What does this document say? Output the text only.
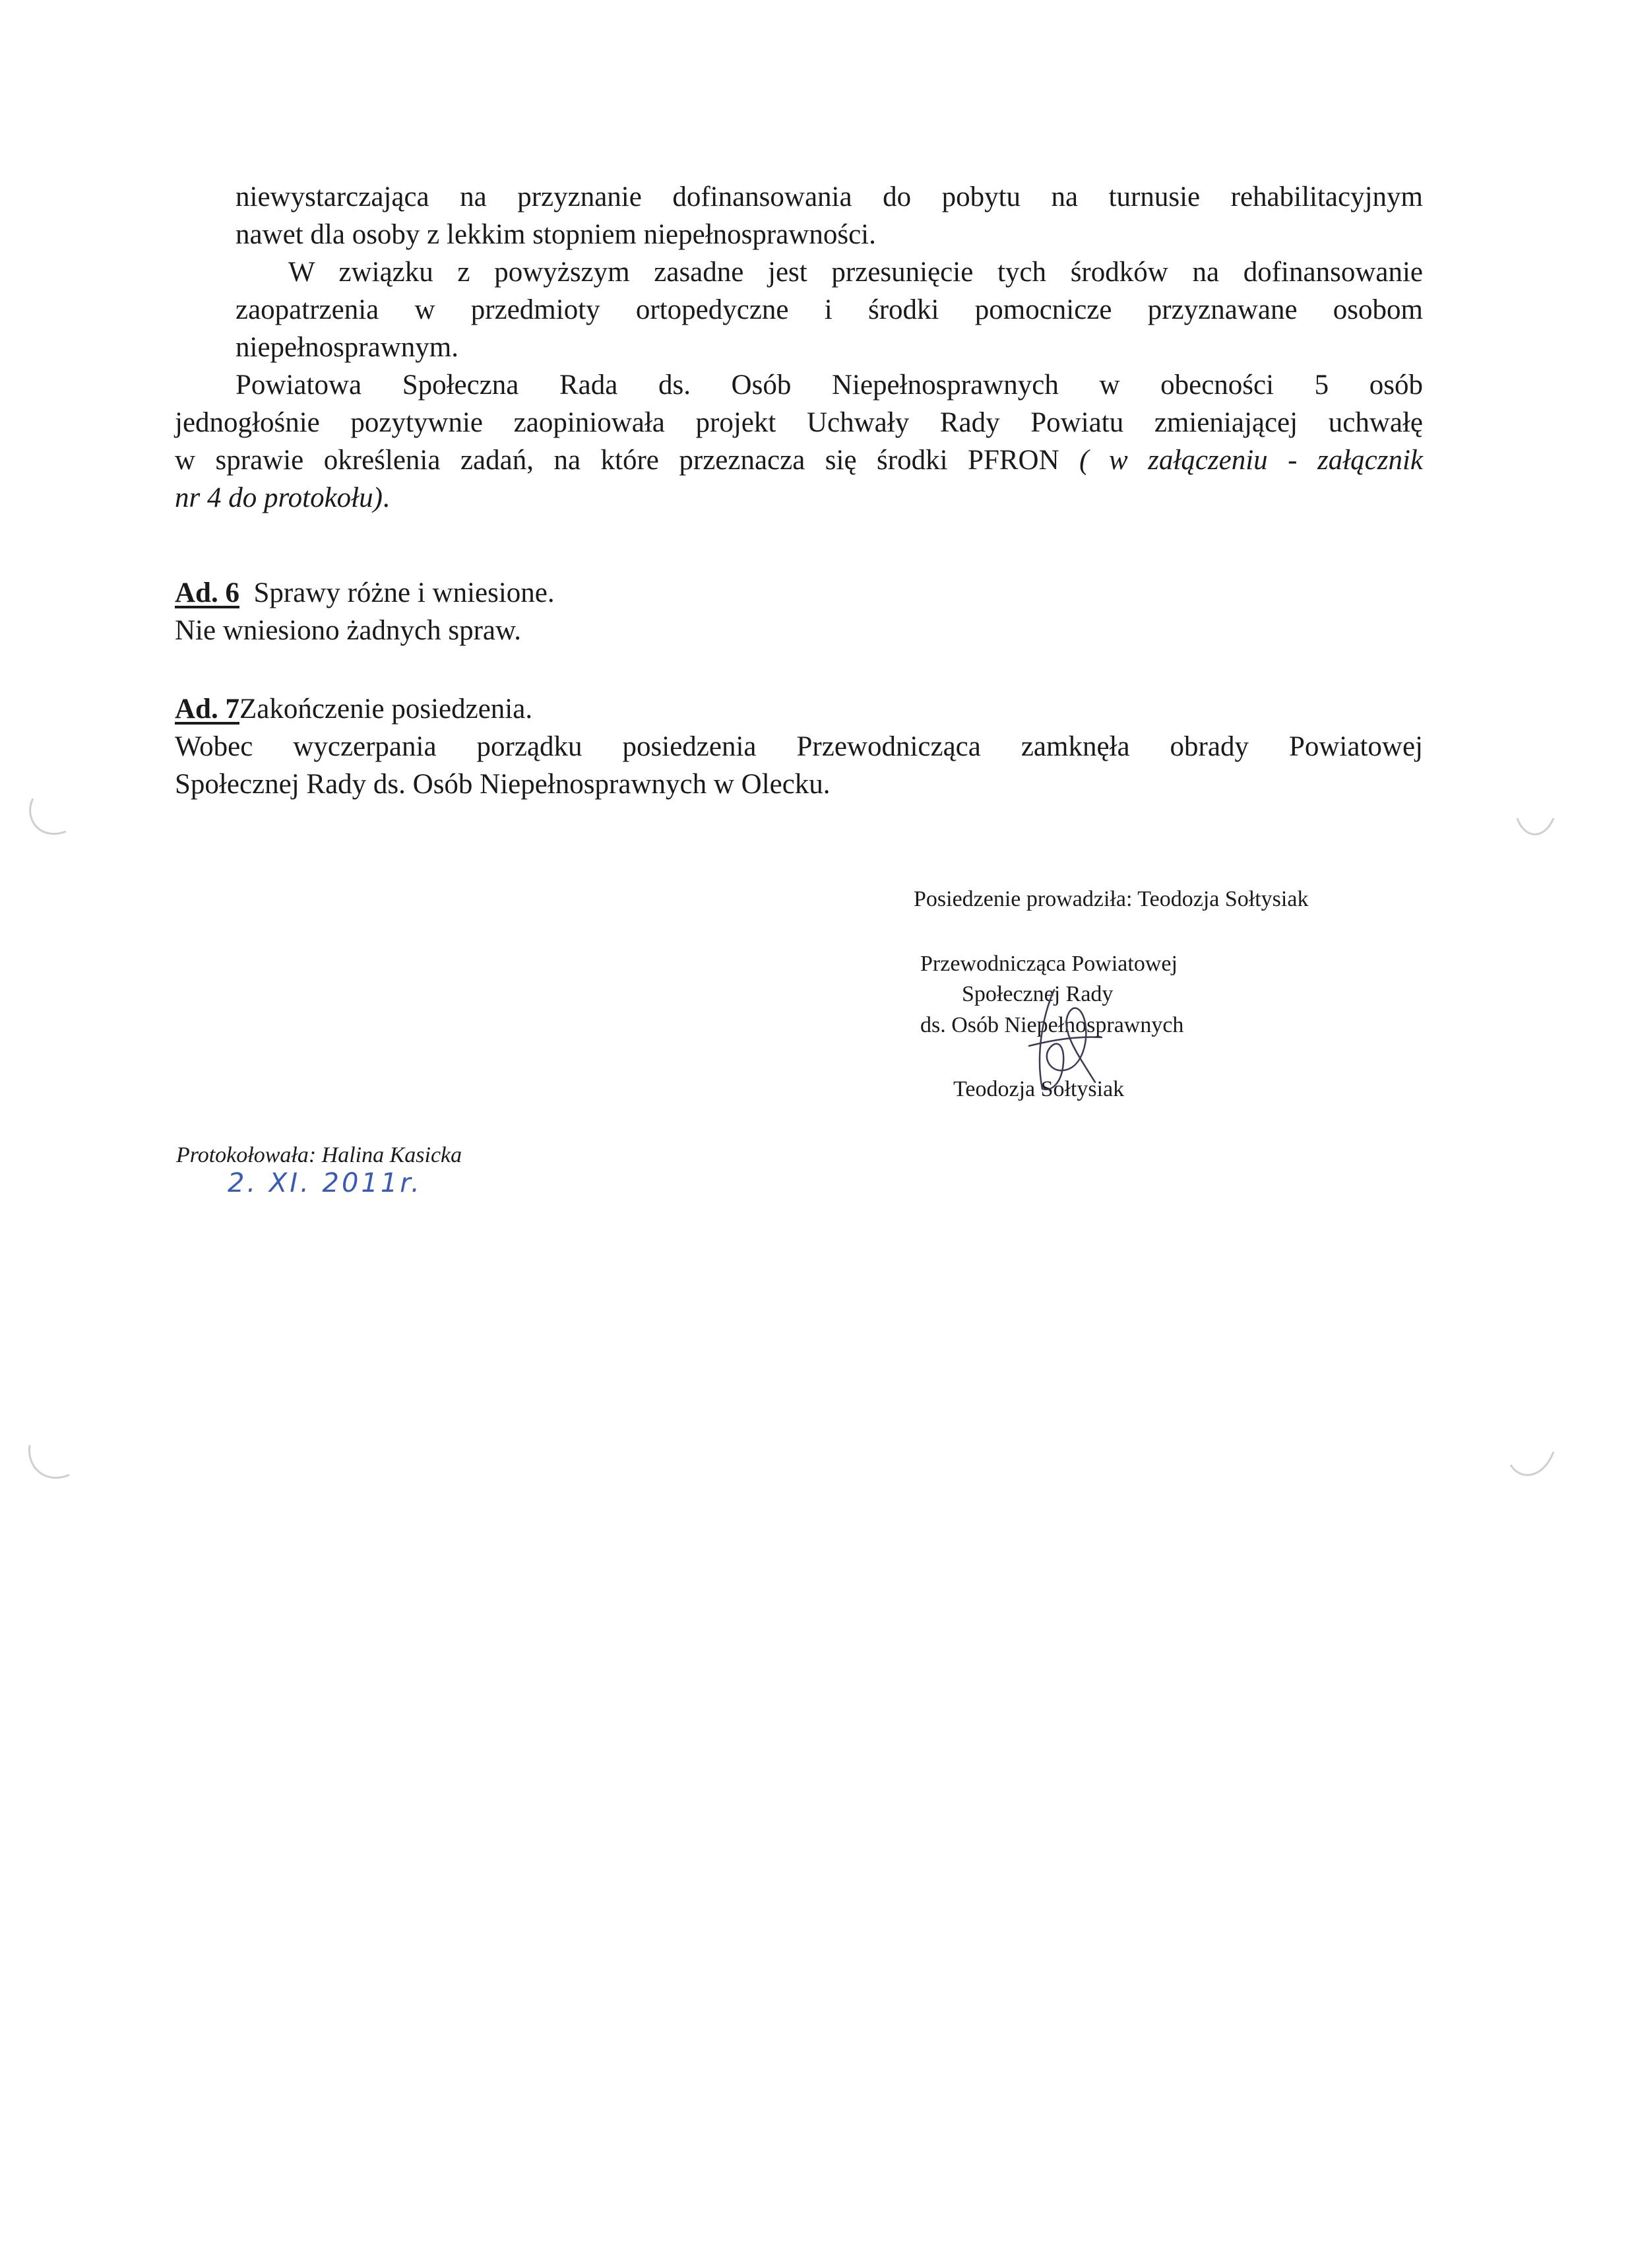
niewystarczająca na przyznanie dofinansowania do pobytu na turnusie rehabilitacyjnym
nawet dla osoby z lekkim stopniem niepełnosprawności.
W związku z powyższym zasadne jest przesunięcie tych środków na dofinansowanie
zaopatrzenia w przedmioty ortopedyczne i środki pomocnicze przyznawane osobom
niepełnosprawnym.
Powiatowa Społeczna Rada ds. Osób Niepełnosprawnych w obecności 5 osób
jednogłośnie pozytywnie zaopiniowała projekt Uchwały Rady Powiatu zmieniającej uchwałę
w sprawie określenia zadań, na które przeznacza się środki PFRON ( w załączeniu - załącznik
nr 4 do protokołu).
Ad. 6 Sprawy różne i wniesione.
Nie wniesiono żadnych spraw.
Ad. 7Zakończenie posiedzenia.
Wobec wyczerpania porządku posiedzenia Przewodnicząca zamknęła obrady Powiatowej
Społecznej Rady ds. Osób Niepełnosprawnych w Olecku.
Posiedzenie prowadziła: Teodozja Sołtysiak
Przewodnicząca Powiatowej
Społecznej Rady
ds. Osób Niepełnosprawnych
Teodozja Sołtysiak
Protokołowała: Halina Kasicka
2. XI. 2011r.
